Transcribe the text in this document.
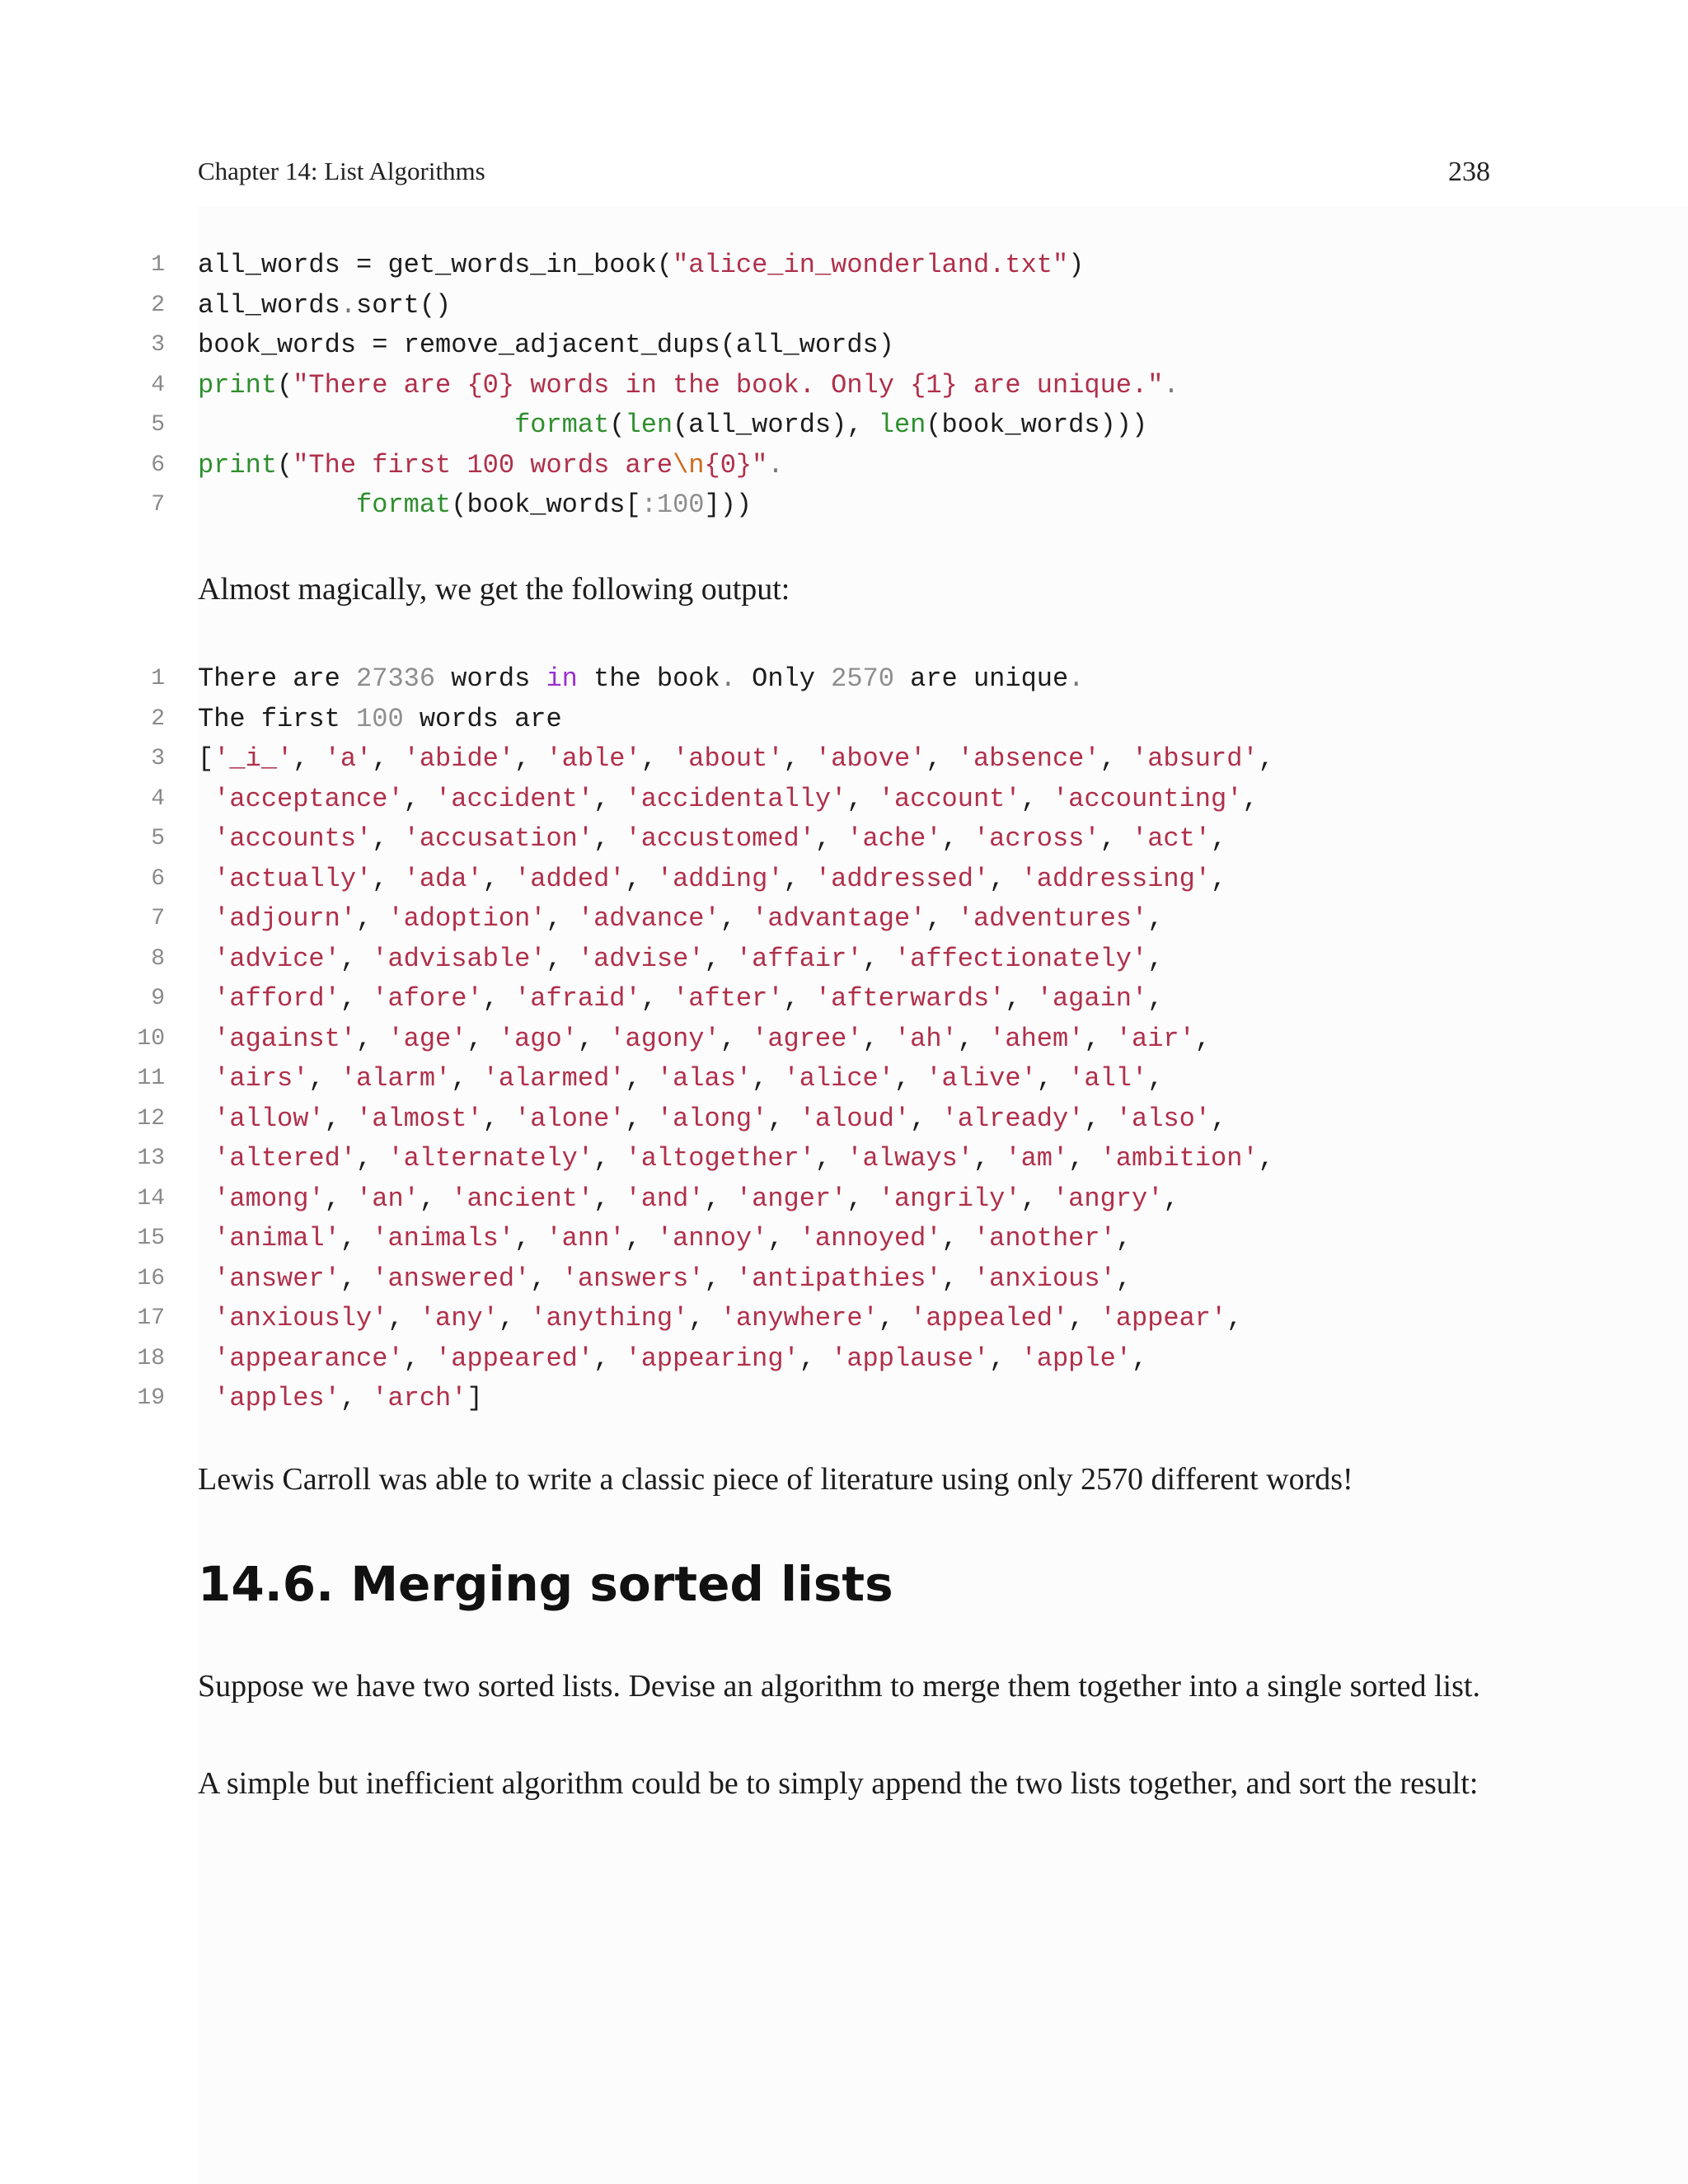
Chapter 14: List Algorithms	238
1 all_words = get_words_in_book("alice_in_wonderland.txt")
2 all_words.sort()
3 book_words = remove_adjacent_dups(all_words)
4 print("There are {0} words in the book. Only {1} are unique.".
5	format(len(all_words), len(book_words)))
6 print("The first 100 words are\n{0}".
7	format(book_words[:100]))
Almost magically, we get the following output:
1 There are 27336 words in the book. Only 2570 are unique.
2 The first 100 words are
3 ['_i_', 'a', 'abide', 'able', 'about', 'above', 'absence', 'absurd',
4	'acceptance', 'accident', 'accidentally', 'account', 'accounting',
5	'accounts', 'accusation', 'accustomed', 'ache', 'across', 'act',
6	'actually', 'ada', 'added', 'adding', 'addressed', 'addressing',
7	'adjourn', 'adoption', 'advance', 'advantage', 'adventures',
8	'advice', 'advisable', 'advise', 'affair', 'affectionately',
9	'afford', 'afore', 'afraid', 'after', 'afterwards', 'again',
10	'against', 'age', 'ago', 'agony', 'agree', 'ah', 'ahem', 'air',
11	'airs', 'alarm', 'alarmed', 'alas', 'alice', 'alive', 'all',
12	'allow', 'almost', 'alone', 'along', 'aloud', 'already', 'also',
13	'altered', 'alternately', 'altogether', 'always', 'am', 'ambition',
14	'among', 'an', 'ancient', 'and', 'anger', 'angrily', 'angry',
15	'animal', 'animals', 'ann', 'annoy', 'annoyed', 'another',
16	'answer', 'answered', 'answers', 'antipathies', 'anxious',
17	'anxiously', 'any', 'anything', 'anywhere', 'appealed', 'appear',
18	'appearance', 'appeared', 'appearing', 'applause', 'apple',
19	'apples', 'arch']
Lewis Carroll was able to write a classic piece of literature using only 2570 different words!
14.6. Merging sorted lists
Suppose we have two sorted lists. Devise an algorithm to merge them together into a single sorted list.
A simple but inefficient algorithm could be to simply append the two lists together, and sort the result:
